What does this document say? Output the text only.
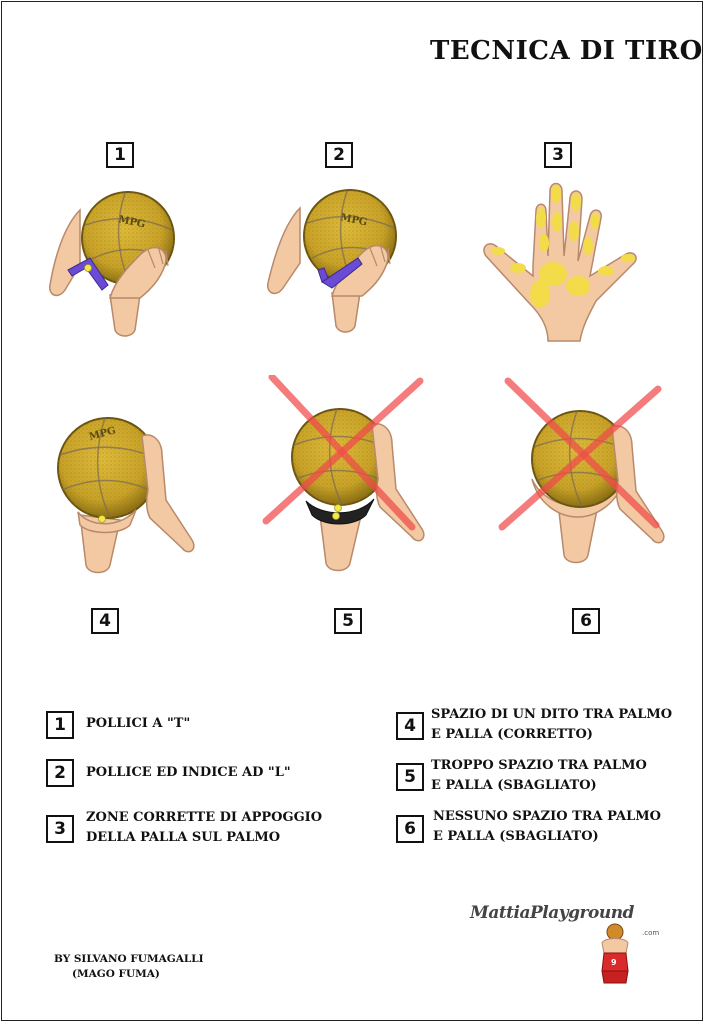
TECNICA DI TIRO
1
MPG
2
MPG
3
MPG
4	5	6
1	POLLICI A "T"
2	POLLICE ED INDICE AD "L"
3
ZONE CORRETTE DI APPOGGIO
DELLA PALLA SUL PALMO
4
SPAZIO DI UN DITO TRA PALMO
E PALLA (CORRETTO)
5
TROPPO SPAZIO TRA PALMO
E PALLA (SBAGLIATO)
6
NESSUNO SPAZIO TRA PALMO
E PALLA (SBAGLIATO)
BY SILVANO FUMAGALLI
(MAGO FUMA)
MattiaPlayground
.com
9
